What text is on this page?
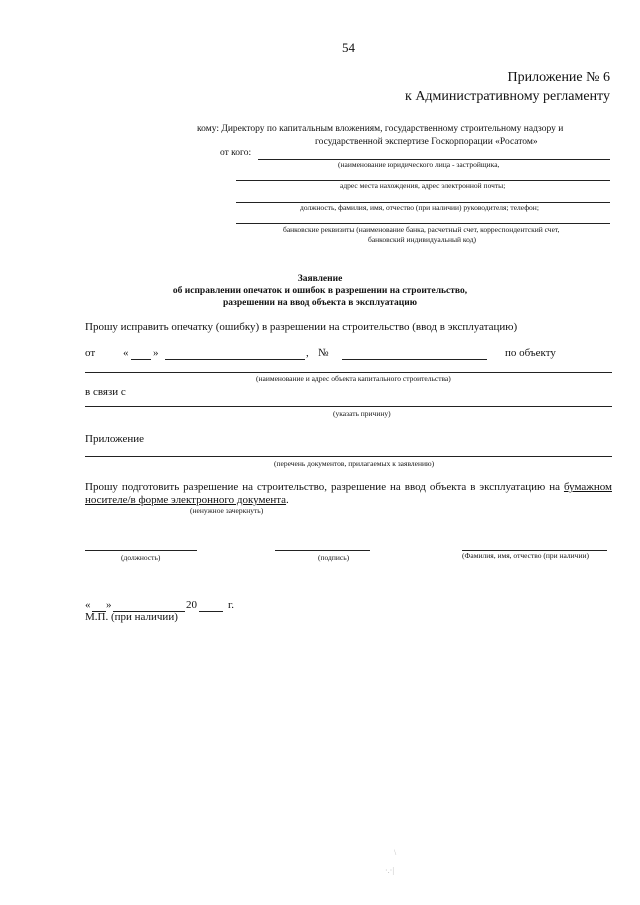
54
Приложение № 6
к Административному регламенту
кому: Директору по капитальным вложениям, государственному строительному надзору и
государственной экспертизе Госкорпорации «Росатом»
от кого:
(наименование юридического лица - застройщика,
адрес места нахождения, адрес электронной почты;
должность, фамилия, имя, отчество (при наличии) руководителя; телефон;
банковские реквизиты (наименование банка, расчетный счет, корреспондентский счет,
банковский индивидуальный код)
Заявление
об исправлении опечаток и ошибок в разрешении на строительство,
разрешении на ввод объекта в эксплуатацию
Прошу исправить опечатку (ошибку) в разрешении на строительство (ввод в эксплуатацию)
от	« »	, №	по объекту
(наименование и адрес объекта капитального строительства)
в связи с
(указать причину)
Приложение
(перечень документов, прилагаемых к заявлению)
Прошу подготовить разрешение на строительство, разрешение на ввод объекта в эксплуатацию на бумажном носителе/в форме электронного документа.
(ненужное зачеркнуть)
(должность)	(подпись)	(Фамилия, имя, отчество (при наличии)
« »	20	г.
М.П. (при наличии)
\
·.·|
